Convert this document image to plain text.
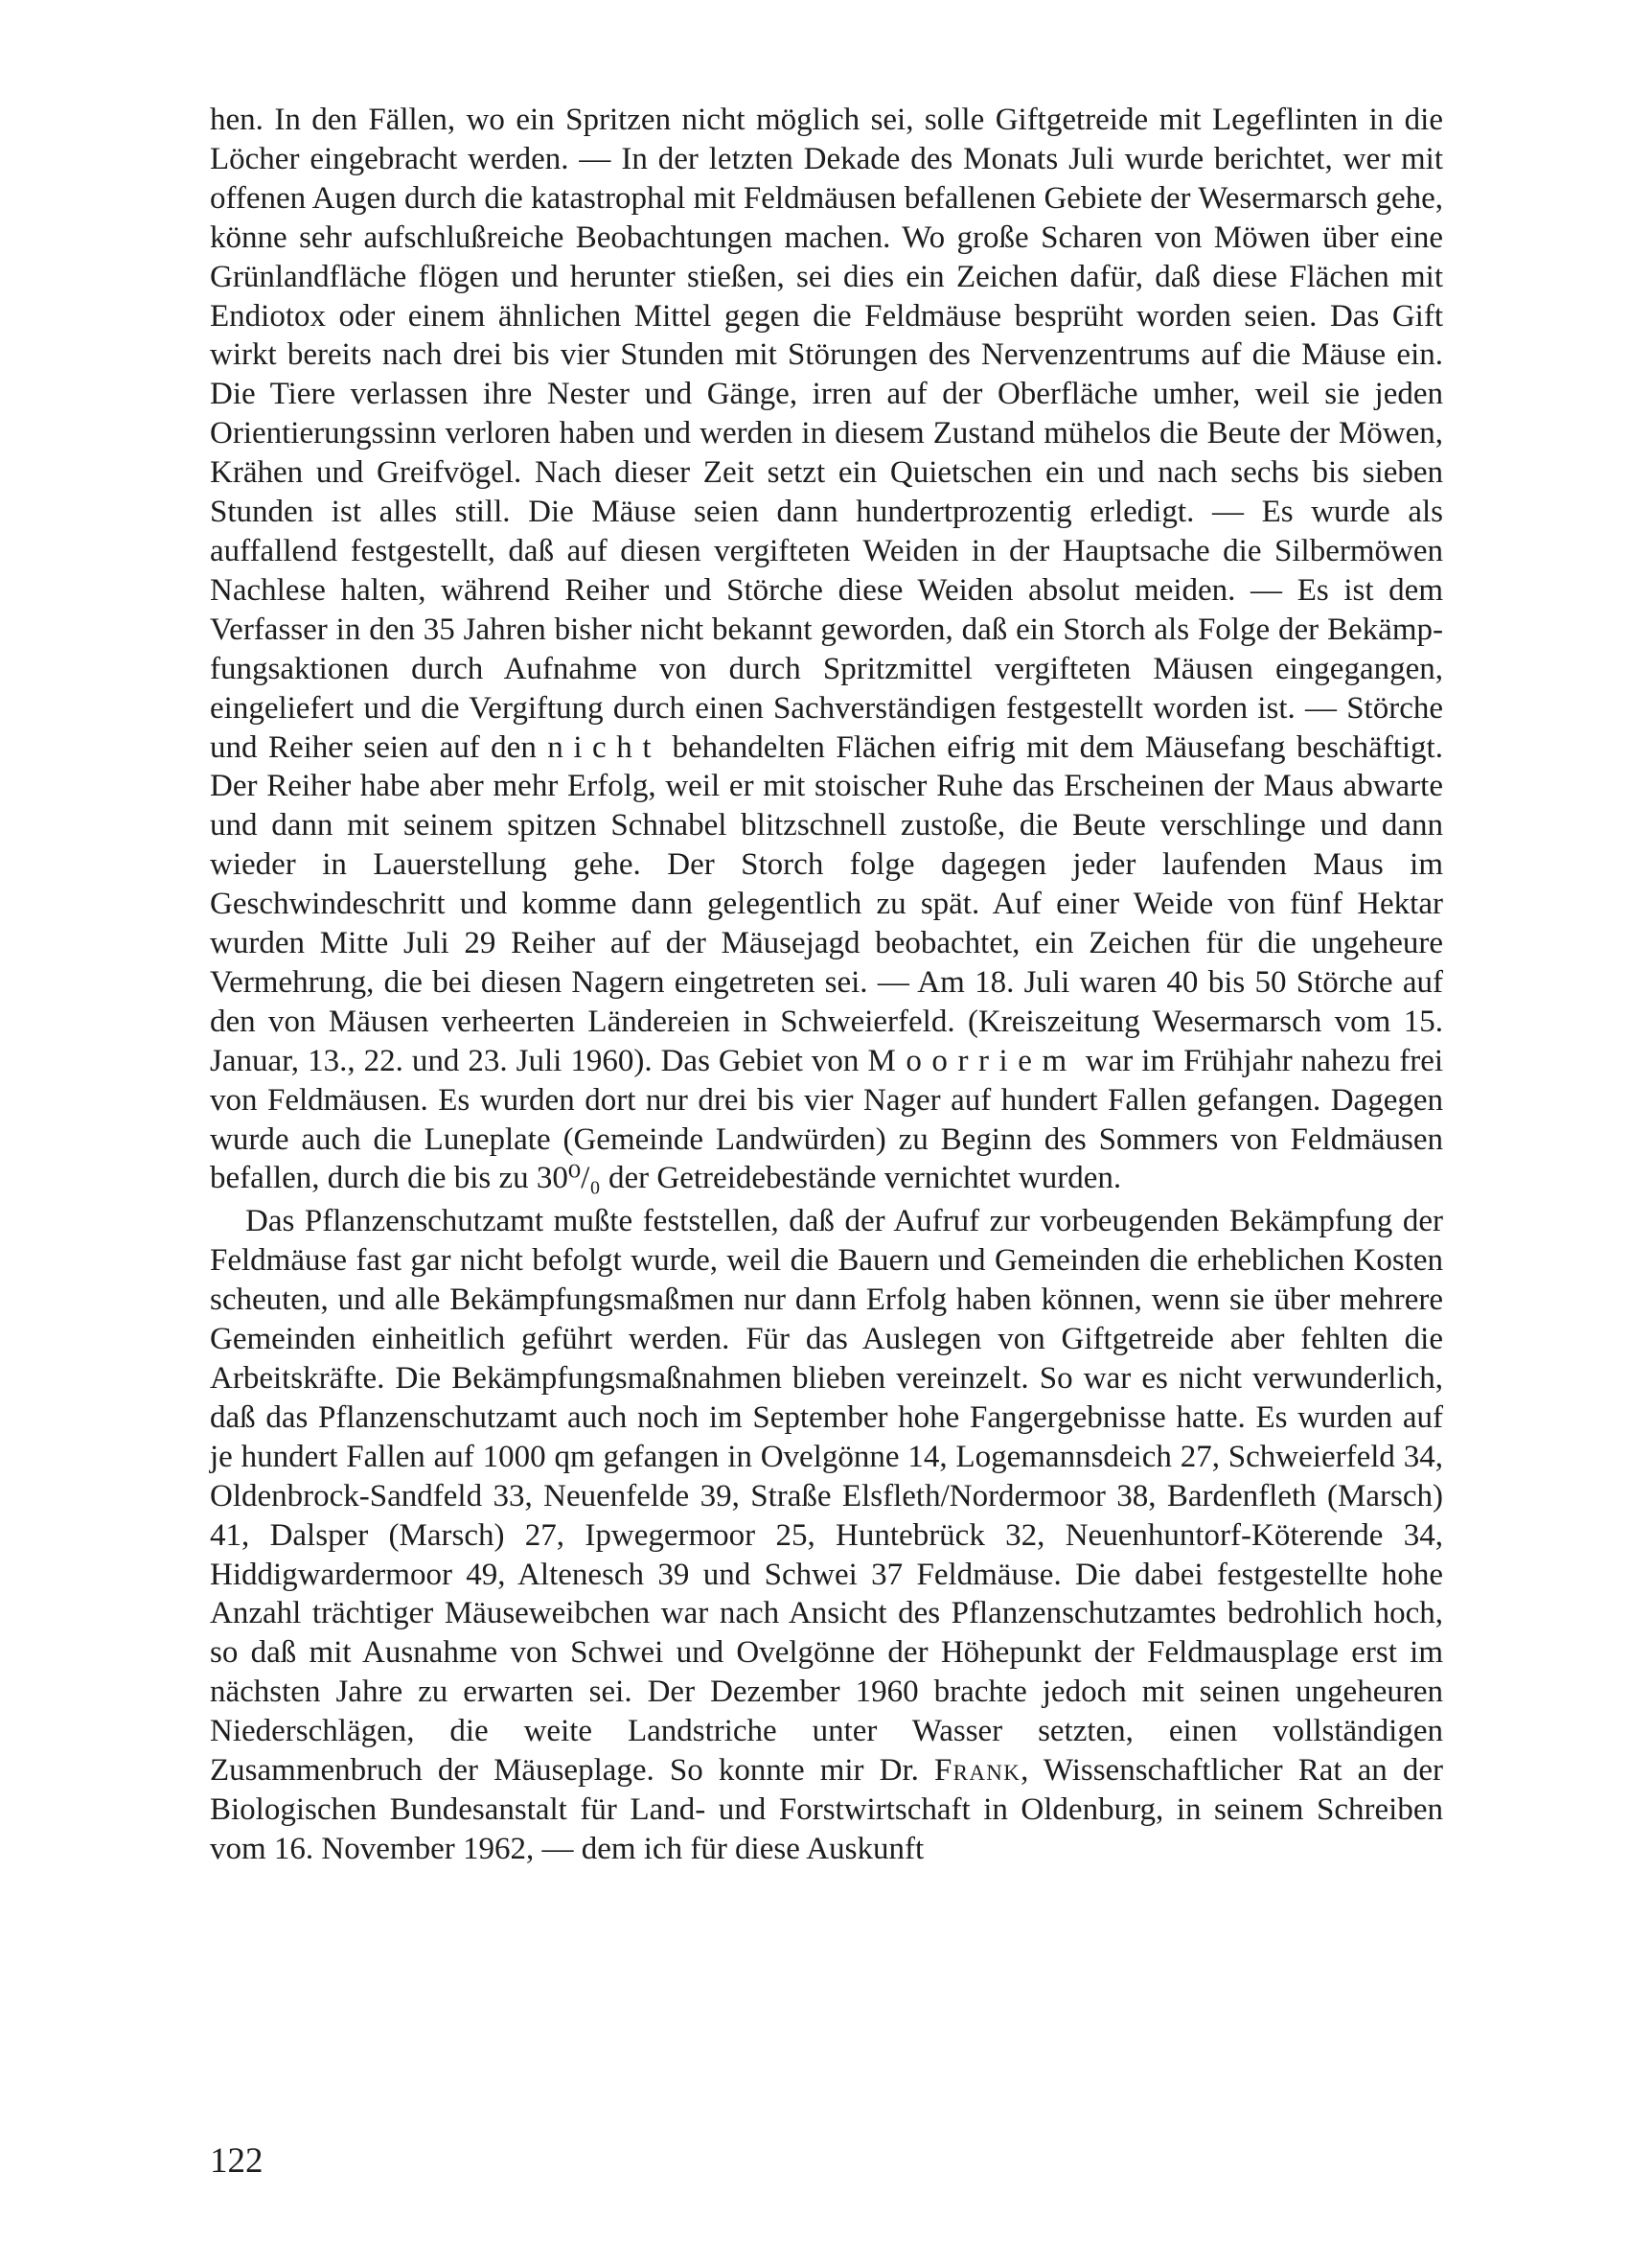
hen. In den Fällen, wo ein Spritzen nicht möglich sei, solle Giftgetreide mit Legeflinten in die Löcher eingebracht werden. — In der letzten Dekade des Monats Juli wurde berichtet, wer mit offenen Augen durch die katastrophal mit Feldmäusen befallenen Gebiete der Wesermarsch gehe, könne sehr aufschlußreiche Beobachtungen machen. Wo große Scharen von Möwen über eine Grünlandfläche flögen und herunter stießen, sei dies ein Zeichen dafür, daß diese Flächen mit Endiotox oder einem ähnlichen Mittel gegen die Feldmäuse besprüht worden seien. Das Gift wirkt bereits nach drei bis vier Stunden mit Störungen des Nervenzentrums auf die Mäuse ein. Die Tiere verlassen ihre Nester und Gänge, irren auf der Oberfläche umher, weil sie jeden Orientierungssinn verloren haben und werden in diesem Zustand mühelos die Beute der Möwen, Krähen und Greifvögel. Nach dieser Zeit setzt ein Quietschen ein und nach sechs bis sieben Stunden ist alles still. Die Mäuse seien dann hundertprozentig erledigt. — Es wurde als auffallend festgestellt, daß auf diesen vergifteten Weiden in der Hauptsache die Silbermöwen Nachlese halten, während Reiher und Störche diese Weiden absolut meiden. — Es ist dem Verfasser in den 35 Jahren bisher nicht bekannt geworden, daß ein Storch als Folge der Bekämpfungsaktionen durch Aufnahme von durch Spritzmittel vergifteten Mäusen eingegangen, eingeliefert und die Vergiftung durch einen Sachverständigen festgestellt worden ist. — Störche und Reiher seien auf den nicht behandelten Flächen eifrig mit dem Mäusefang beschäftigt. Der Reiher habe aber mehr Erfolg, weil er mit stoischer Ruhe das Erscheinen der Maus abwarte und dann mit seinem spitzen Schnabel blitzschnell zustoße, die Beute verschlinge und dann wieder in Lauerstellung gehe. Der Storch folge dagegen jeder laufenden Maus im Geschwindeschritt und komme dann gelegentlich zu spät. Auf einer Weide von fünf Hektar wurden Mitte Juli 29 Reiher auf der Mäusejagd beobachtet, ein Zeichen für die ungeheure Vermehrung, die bei diesen Nagern eingetreten sei. — Am 18. Juli waren 40 bis 50 Störche auf den von Mäusen verheerten Ländereien in Schweierfeld. (Kreiszeitung Wesermarsch vom 15. Januar, 13., 22. und 23. Juli 1960). Das Gebiet von Moorriem war im Frühjahr nahezu frei von Feldmäusen. Es wurden dort nur drei bis vier Nager auf hundert Fallen gefangen. Dagegen wurde auch die Luneplate (Gemeinde Landwürden) zu Beginn des Sommers von Feldmäusen befallen, durch die bis zu 30⁰/₀ der Getreidebestände vernichtet wurden.

Das Pflanzenschutzamt mußte feststellen, daß der Aufruf zur vorbeugenden Bekämpfung der Feldmäuse fast gar nicht befolgt wurde, weil die Bauern und Gemeinden die erheblichen Kosten scheuten, und alle Bekämpfungsmaßmen nur dann Erfolg haben können, wenn sie über mehrere Gemeinden einheitlich geführt werden. Für das Auslegen von Giftgetreide aber fehlten die Arbeitskräfte. Die Bekämpfungsmaßnahmen blieben vereinzelt. So war es nicht verwunderlich, daß das Pflanzenschutzamt auch noch im September hohe Fangergebnisse hatte. Es wurden auf je hundert Fallen auf 1000 qm gefangen in Ovelgönne 14, Logemannsdeich 27, Schweierfeld 34, Oldenbrock-Sandfeld 33, Neuenfelde 39, Straße Elsfleth/Nordermoor 38, Bardenfleth (Marsch) 41, Dalsper (Marsch) 27, Ipwegermoor 25, Huntebrück 32, Neuenhuntorf-Köterende 34, Hiddigwardermoor 49, Altenesch 39 und Schwei 37 Feldmäuse. Die dabei festgestellte hohe Anzahl trächtiger Mäuseweibchen war nach Ansicht des Pflanzenschutzamtes bedrohlich hoch, so daß mit Ausnahme von Schwei und Ovelgönne der Höhepunkt der Feldmausplage erst im nächsten Jahre zu erwarten sei. Der Dezember 1960 brachte jedoch mit seinen ungeheuren Niederschlägen, die weite Landstriche unter Wasser setzten, einen vollständigen Zusammenbruch der Mäuseplage. So konnte mir Dr. Frank, Wissenschaftlicher Rat an der Biologischen Bundesanstalt für Land- und Forstwirtschaft in Oldenburg, in seinem Schreiben vom 16. November 1962, — dem ich für diese Auskunft

122
